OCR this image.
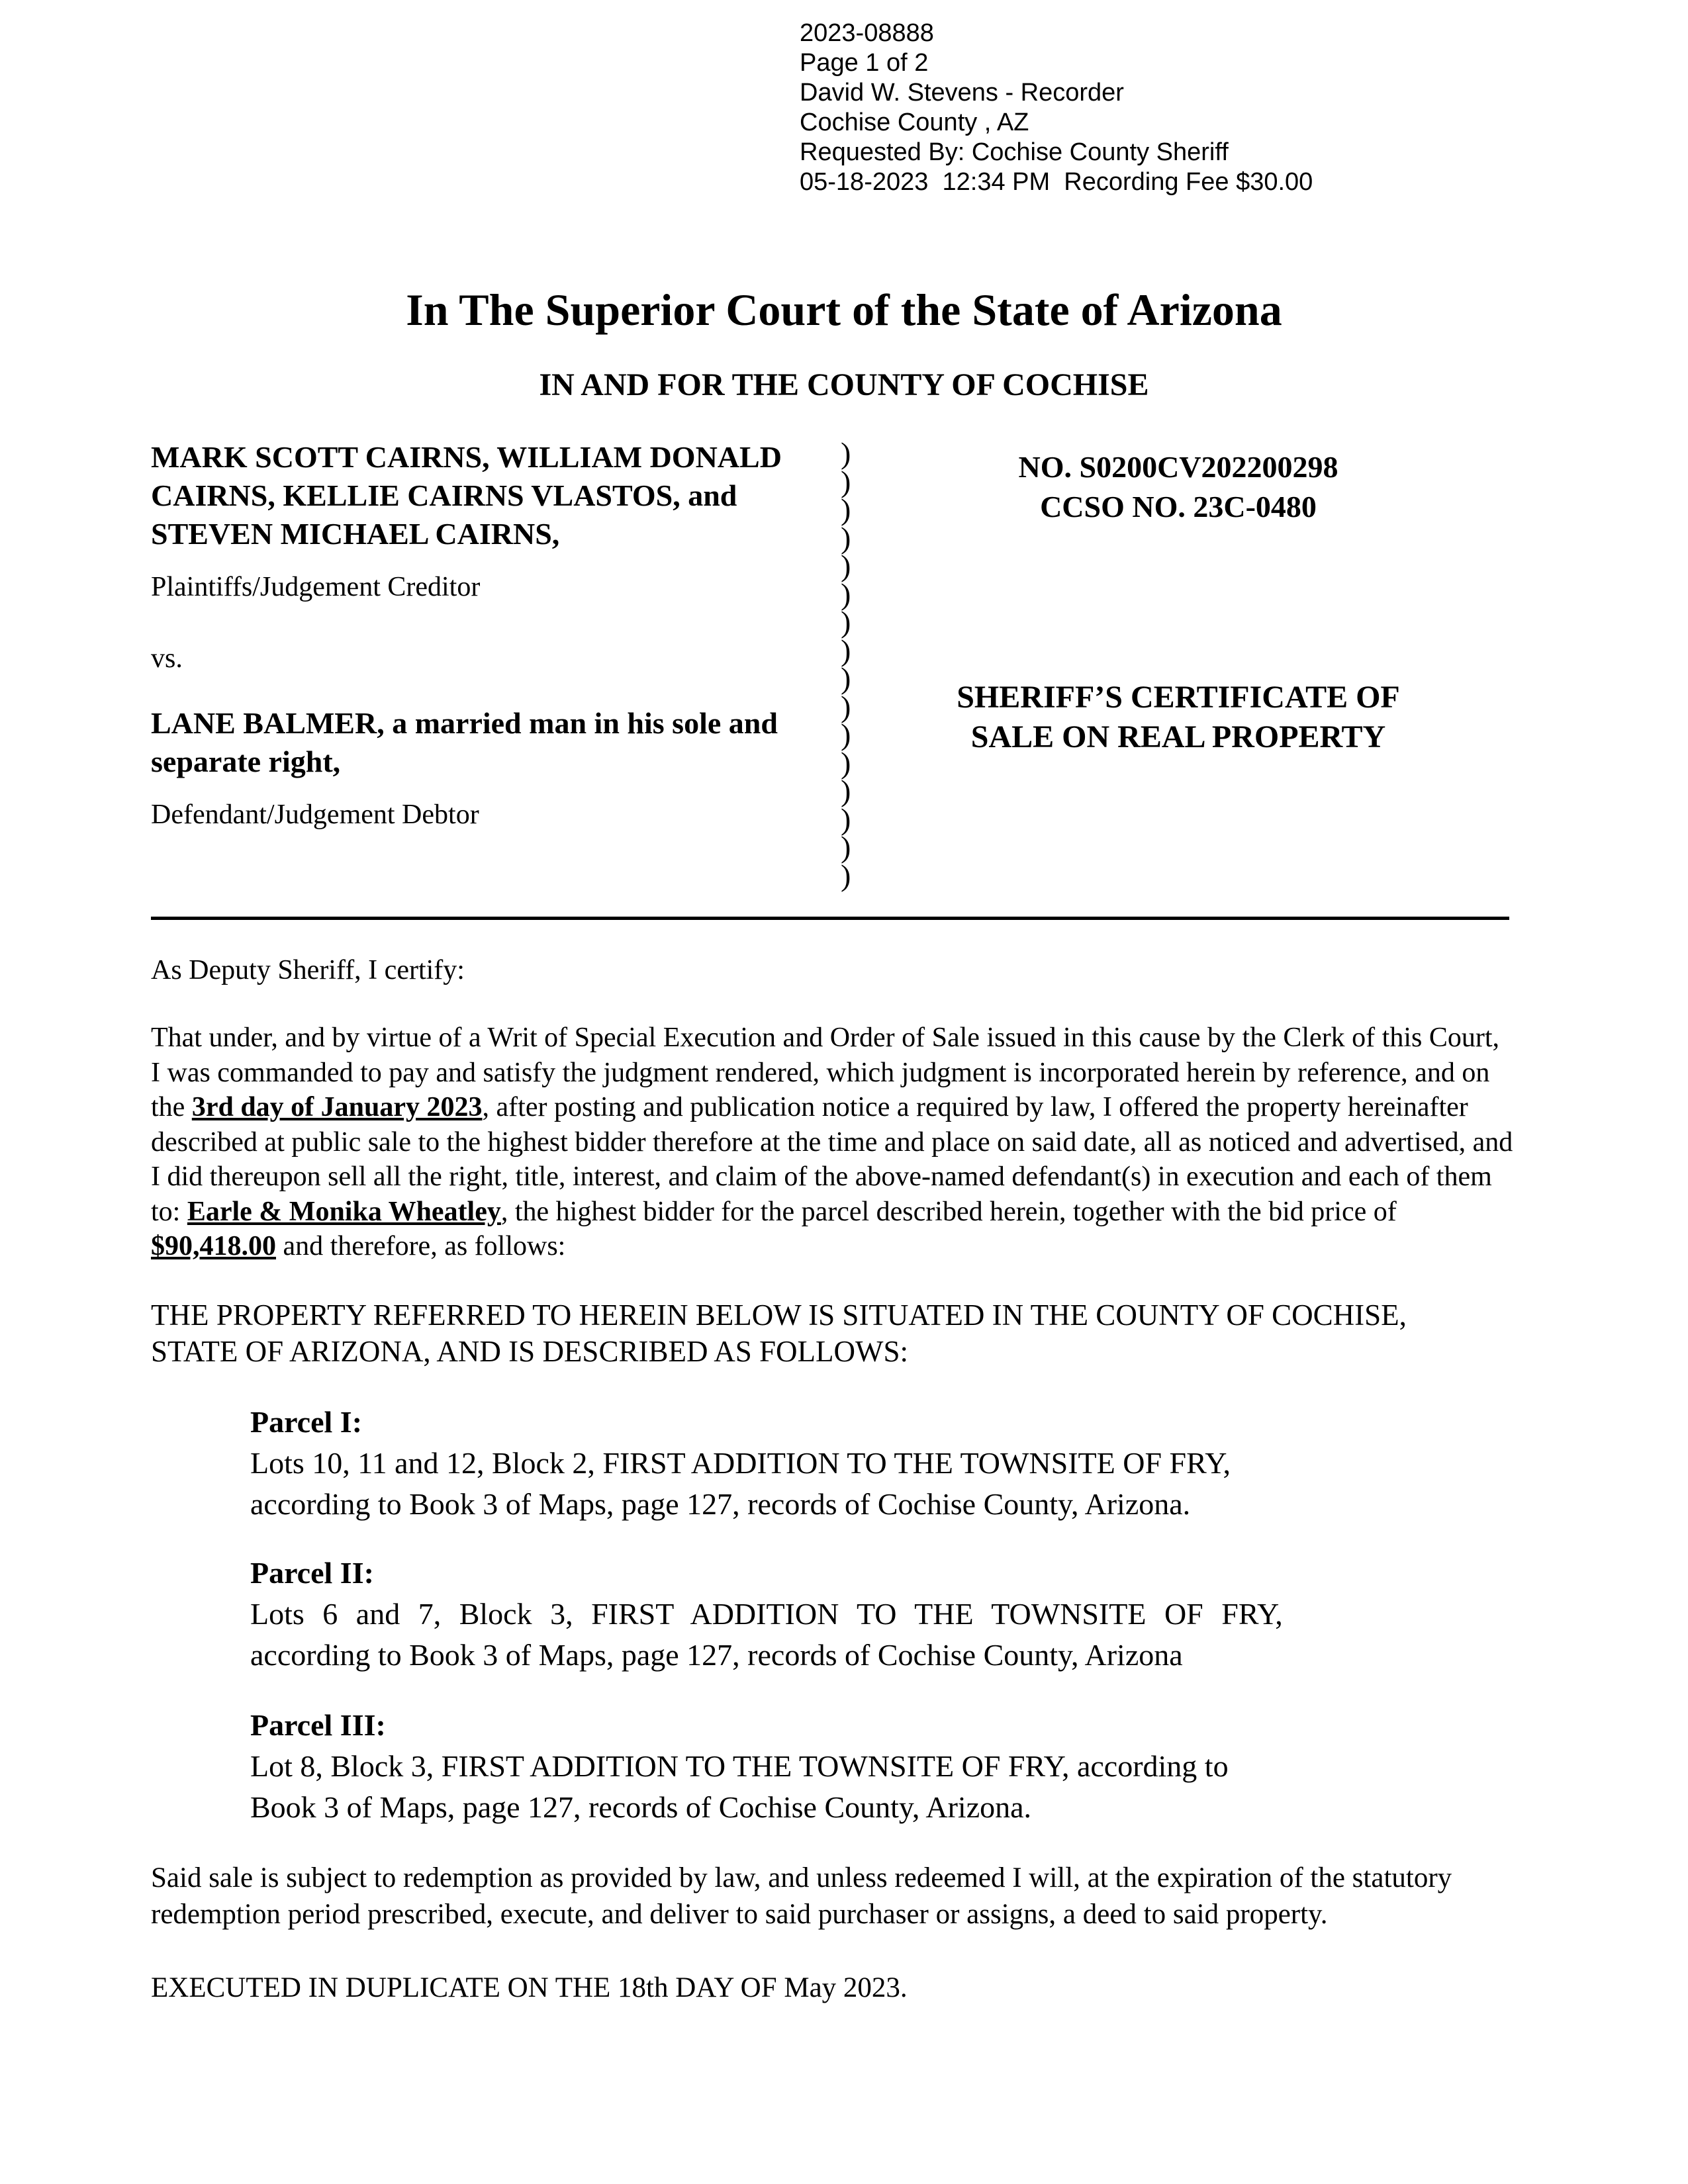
2023-08888
Page 1 of 2
David W. Stevens - Recorder
Cochise County , AZ
Requested By: Cochise County Sheriff
05-18-2023  12:34 PM  Recording Fee $30.00
In The Superior Court of the State of Arizona
IN AND FOR THE COUNTY OF COCHISE
MARK SCOTT CAIRNS, WILLIAM DONALD CAIRNS, KELLIE CAIRNS VLASTOS, and STEVEN MICHAEL CAIRNS,
Plaintiffs/Judgement Creditor
vs.
LANE BALMER, a married man in his sole and separate right,
Defendant/Judgement Debtor
)
)
)
)
)
)
)
)
)
)
)
)
)
)
)
)
NO. S0200CV202200298
CCSO NO. 23C-0480
SHERIFF’S CERTIFICATE OF
SALE ON REAL PROPERTY
As Deputy Sheriff, I certify:
That under, and by virtue of a Writ of Special Execution and Order of Sale issued in this cause by the Clerk of this Court, I was commanded to pay and satisfy the judgment rendered, which judgment is incorporated herein by reference, and on the 3rd day of January 2023, after posting and publication notice a required by law, I offered the property hereinafter described at public sale to the highest bidder therefore at the time and place on said date, all as noticed and advertised, and I did thereupon sell all the right, title, interest, and claim of the above-named defendant(s) in execution and each of them to: Earle & Monika Wheatley, the highest bidder for the parcel described herein, together with the bid price of $90,418.00 and therefore, as follows:
THE PROPERTY REFERRED TO HEREIN BELOW IS SITUATED IN THE COUNTY OF COCHISE,
STATE OF ARIZONA, AND IS DESCRIBED AS FOLLOWS:
Parcel I:
Lots 10, 11 and 12, Block 2, FIRST ADDITION TO THE TOWNSITE OF FRY,
according to Book 3 of Maps, page 127, records of Cochise County, Arizona.
Parcel II:
Lots 6 and 7, Block 3, FIRST ADDITION TO THE TOWNSITE OF FRY,
according to Book 3 of Maps, page 127, records of Cochise County, Arizona
Parcel III:
Lot 8, Block 3, FIRST ADDITION TO THE TOWNSITE OF FRY, according to
Book 3 of Maps, page 127, records of Cochise County, Arizona.
Said sale is subject to redemption as provided by law, and unless redeemed I will, at the expiration of the statutory redemption period prescribed, execute, and deliver to said purchaser or assigns, a deed to said property.
EXECUTED IN DUPLICATE ON THE 18th DAY OF May 2023.
